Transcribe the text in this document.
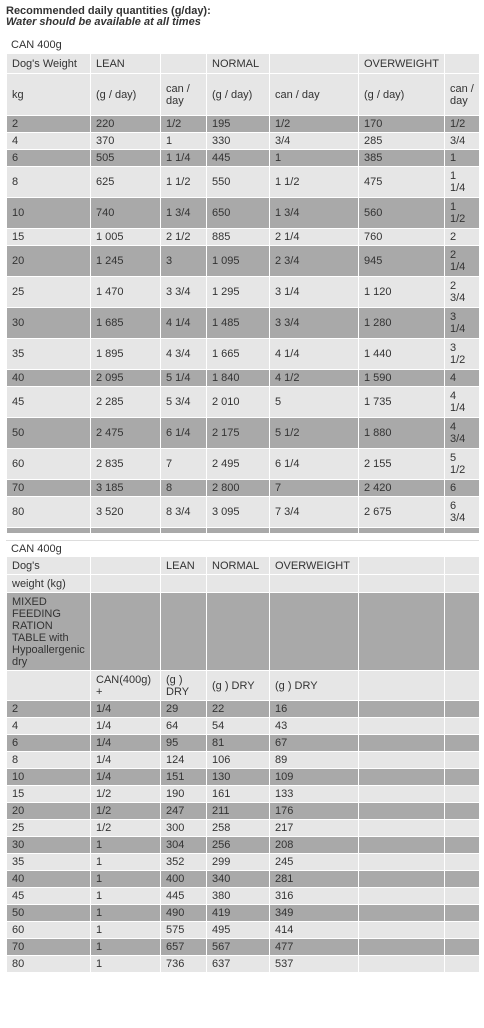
Recommended daily quantities (g/day):
Water should be available at all times
CAN 400g						
Dog's Weight	LEAN		NORMAL		OVERWEIGHT	
kg	(g / day)	can / day	(g / day)	can / day	(g / day)	can / day
2	220	1/2	195	1/2	170	1/2
4	370	1	330	3/4	285	3/4
6	505	1 1/4	445	1	385	1
8	625	1 1/2	550	1 1/2	475	1 1/4
10	740	1 3/4	650	1 3/4	560	1 1/2
15	1 005	2 1/2	885	2 1/4	760	2
20	1 245	3	1 095	2 3/4	945	2 1/4
25	1 470	3 3/4	1 295	3 1/4	1 120	2 3/4
30	1 685	4 1/4	1 485	3 3/4	1 280	3 1/4
35	1 895	4 3/4	1 665	4 1/4	1 440	3 1/2
40	2 095	5 1/4	1 840	4 1/2	1 590	4
45	2 285	5 3/4	2 010	5	1 735	4 1/4
50	2 475	6 1/4	2 175	5 1/2	1 880	4 3/4
60	2 835	7	2 495	6 1/4	2 155	5 1/2
70	3 185	8	2 800	7	2 420	6
80	3 520	8 3/4	3 095	7 3/4	2 675	6 3/4

CAN 400g						
Dog's		LEAN	NORMAL	OVERWEIGHT		
weight (kg)						
MIXED FEEDING RATION TABLE with Hypoallergenic dry						
	CAN(400g) +	(g ) DRY	(g ) DRY	(g ) DRY		
2	1/4	29	22	16		
4	1/4	64	54	43		
6	1/4	95	81	67		
8	1/4	124	106	89		
10	1/4	151	130	109		
15	1/2	190	161	133		
20	1/2	247	211	176		
25	1/2	300	258	217		
30	1	304	256	208		
35	1	352	299	245		
40	1	400	340	281		
45	1	445	380	316		
50	1	490	419	349		
60	1	575	495	414		
70	1	657	567	477		
80	1	736	637	537		
